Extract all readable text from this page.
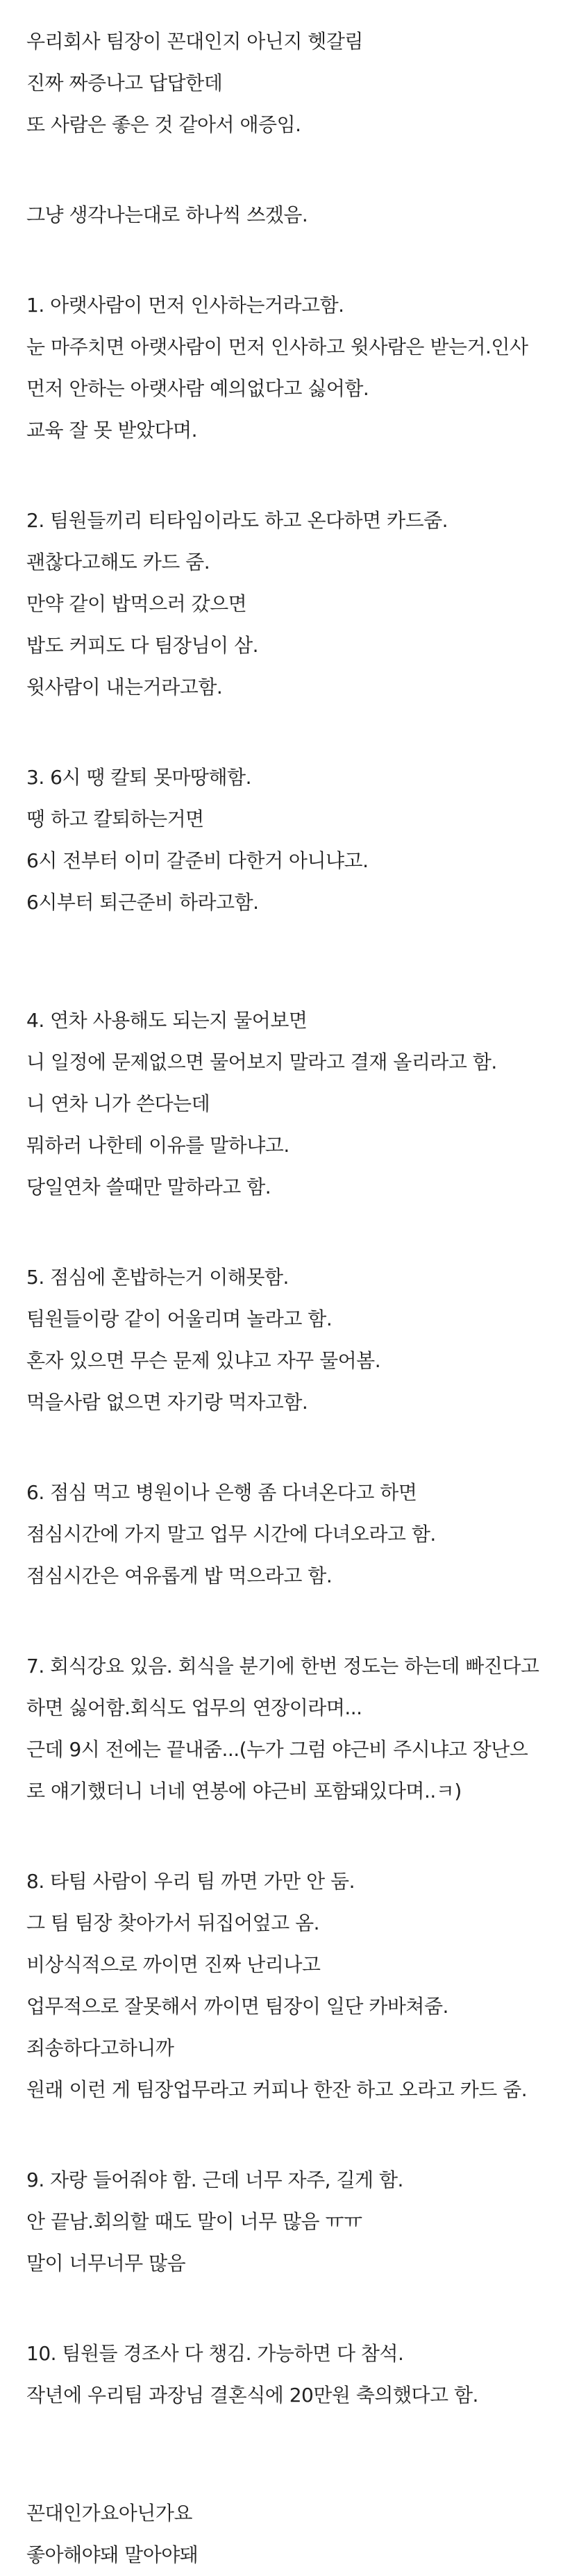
우리회사 팀장이 꼰대인지 아닌지 헷갈림
진짜 짜증나고 답답한데
또 사람은 좋은 것 같아서 애증임.
그냥 생각나는대로 하나씩 쓰겠음.
1. 아랫사람이 먼저 인사하는거라고함.
눈 마주치면 아랫사람이 먼저 인사하고 윗사람은 받는거.인사
먼저 안하는 아랫사람 예의없다고 싫어함.
교육 잘 못 받았다며.
2. 팀원들끼리 티타임이라도 하고 온다하면 카드줌.
괜찮다고해도 카드 줌.
만약 같이 밥먹으러 갔으면
밥도 커피도 다 팀장님이 삼.
윗사람이 내는거라고함.
3. 6시 땡 칼퇴 못마땅해함.
땡 하고 칼퇴하는거면
6시 전부터 이미 갈준비 다한거 아니냐고.
6시부터 퇴근준비 하라고함.
4. 연차 사용해도 되는지 물어보면
니 일정에 문제없으면 물어보지 말라고 결재 올리라고 함.
니 연차 니가 쓴다는데
뭐하러 나한테 이유를 말하냐고.
당일연차 쓸때만 말하라고 함.
5. 점심에 혼밥하는거 이해못함.
팀원들이랑 같이 어울리며 놀라고 함.
혼자 있으면 무슨 문제 있냐고 자꾸 물어봄.
먹을사람 없으면 자기랑 먹자고함.
6. 점심 먹고 병원이나 은행 좀 다녀온다고 하면
점심시간에 가지 말고 업무 시간에 다녀오라고 함.
점심시간은 여유롭게 밥 먹으라고 함.
7. 회식강요 있음. 회식을 분기에 한번 정도는 하는데 빠진다고
하면 싫어함.회식도 업무의 연장이라며...
근데 9시 전에는 끝내줌...(누가 그럼 야근비 주시냐고 장난으
로 얘기했더니 너네 연봉에 야근비 포함돼있다며..ㅋ)
8. 타팀 사람이 우리 팀 까면 가만 안 둠.
그 팀 팀장 찾아가서 뒤집어엎고 옴.
비상식적으로 까이면 진짜 난리나고
업무적으로 잘못해서 까이면 팀장이 일단 카바쳐줌.
죄송하다고하니까
원래 이런 게 팀장업무라고 커피나 한잔 하고 오라고 카드 줌.
9. 자랑 들어줘야 함. 근데 너무 자주, 길게 함.
안 끝남.회의할 때도 말이 너무 많음 ㅠㅠ
말이 너무너무 많음
10. 팀원들 경조사 다 챙김. 가능하면 다 참석.
작년에 우리팀 과장님 결혼식에 20만원 축의했다고 함.
꼰대인가요아닌가요
좋아해야돼 말아야돼
